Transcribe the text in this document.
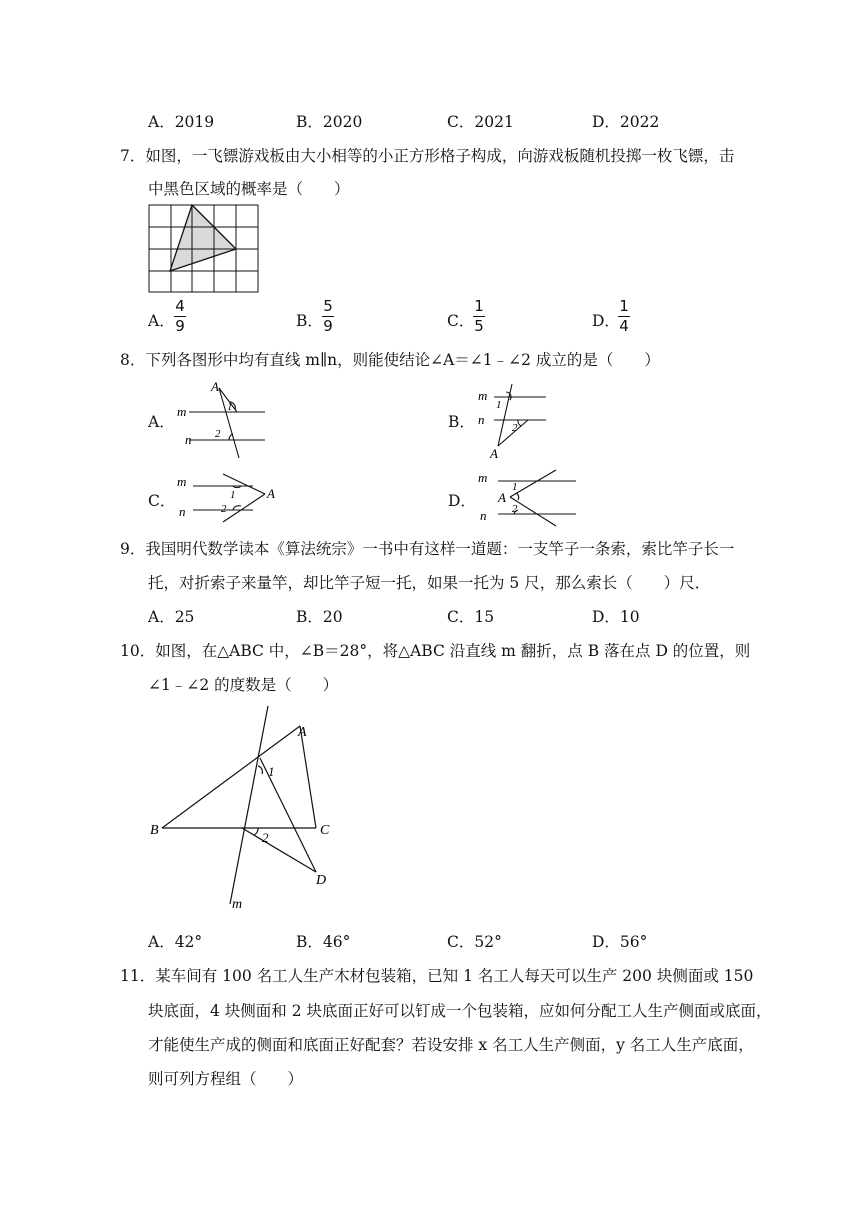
A．2019	B．2020	C．2021	D．2022
7．如图，一飞镖游戏板由大小相等的小正方形格子构成，向游戏板随机投掷一枚飞镖，击
中黑色区域的概率是（　　）
A．
4
9	B．
5
9	C．
1
5	D．
1
4
8．下列各图形中均有直线 m∥n，则能使结论∠A＝∠1﹣∠2 成立的是（　　）
A．
A
m
n
1
2
B．
m
n
1
2
A
C．
m
n
1
2
A	D．
m
n
A
1
2
9．我国明代数学读本《算法统宗》一书中有这样一道题：一支竿子一条索，索比竿子长一
托，对折索子来量竿，却比竿子短一托，如果一托为 5 尺，那么索长（　　）尺．
A．25	B．20	C．15	D．10
10．如图，在△ABC 中，∠B＝28°，将△ABC 沿直线 m 翻折，点 B 落在点 D 的位置，则
∠1﹣∠2 的度数是（　　）
A
1
B	C
2
D
m
A．42°	B．46°	C．52°	D．56°
11．某车间有 100 名工人生产木材包装箱，已知 1 名工人每天可以生产 200 块侧面或 150
块底面，4 块侧面和 2 块底面正好可以钉成一个包装箱，应如何分配工人生产侧面或底面，
才能使生产成的侧面和底面正好配套？若设安排 x 名工人生产侧面，y 名工人生产底面，
则可列方程组（　　）
